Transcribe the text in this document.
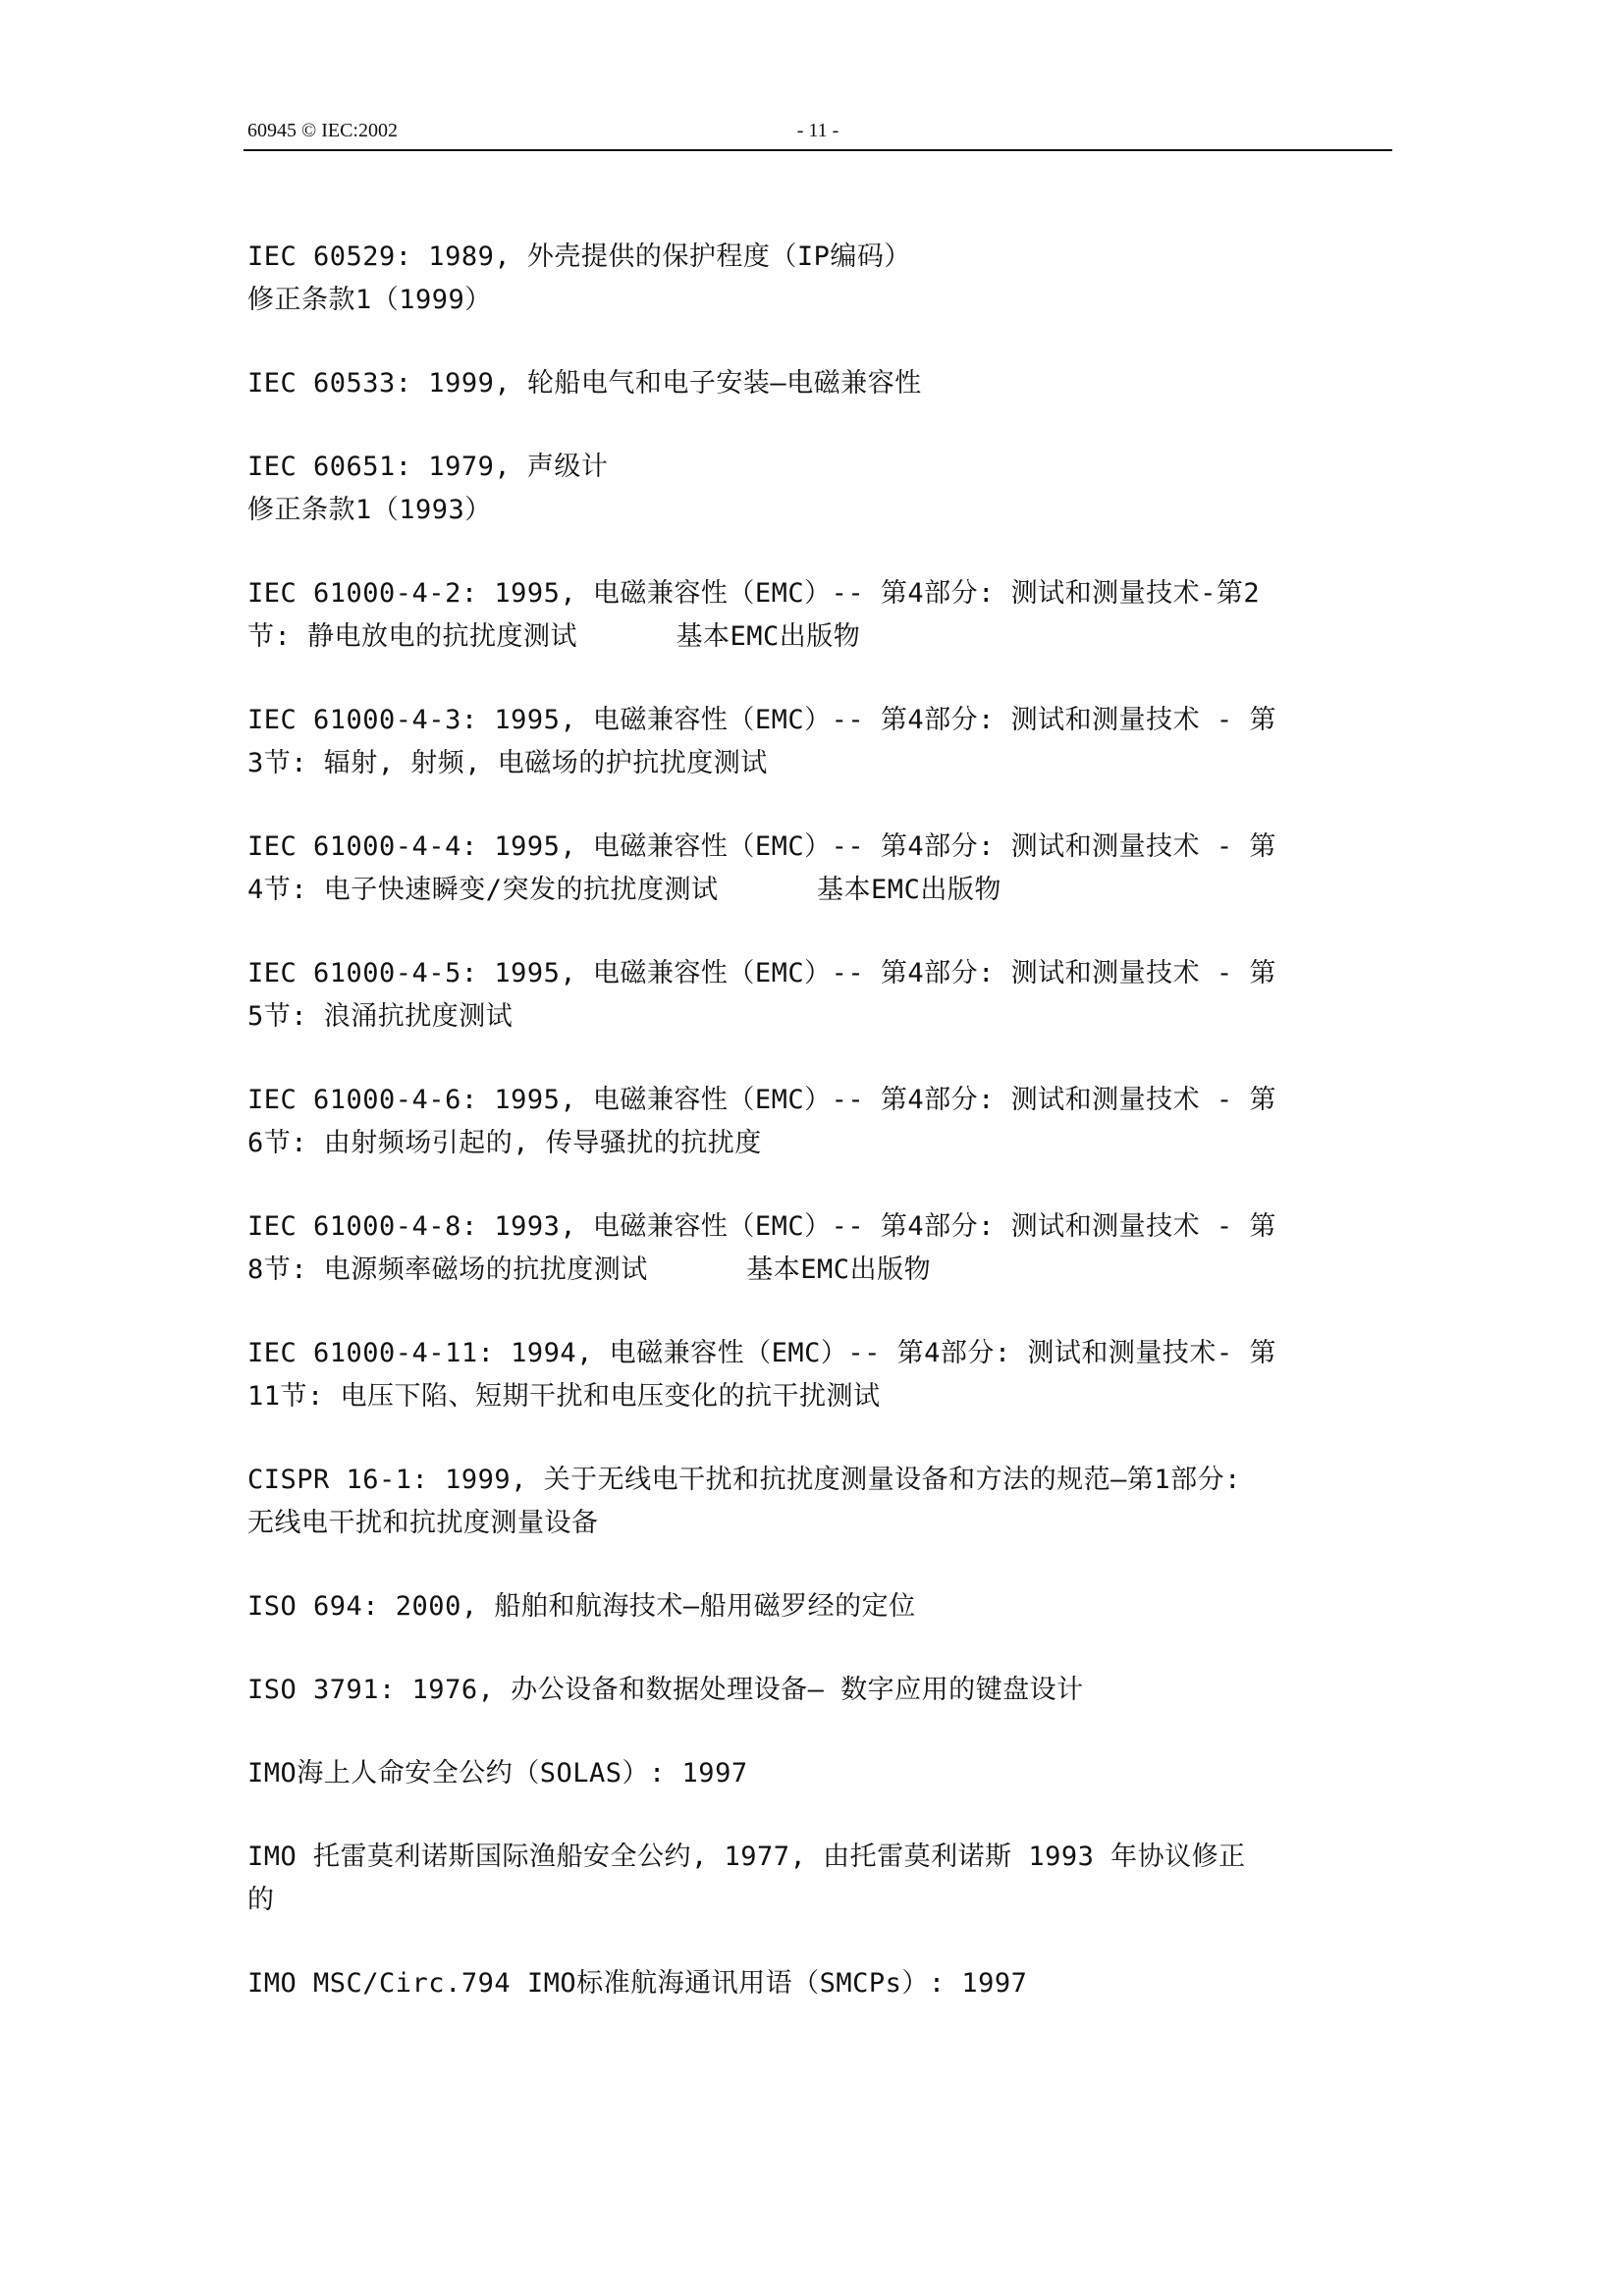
60945 © IEC:2002	- 11 -
IEC 60529: 1989, 外壳提供的保护程度（IP编码）
修正条款1（1999）
IEC 60533: 1999, 轮船电气和电子安装—电磁兼容性
IEC 60651: 1979, 声级计
修正条款1（1993）
IEC 61000-4-2: 1995, 电磁兼容性（EMC）-- 第4部分: 测试和测量技术-第2
节: 静电放电的抗扰度测试      基本EMC出版物
IEC 61000-4-3: 1995, 电磁兼容性（EMC）-- 第4部分: 测试和测量技术 - 第
3节: 辐射, 射频, 电磁场的护抗扰度测试
IEC 61000-4-4: 1995, 电磁兼容性（EMC）-- 第4部分: 测试和测量技术 - 第
4节: 电子快速瞬变/突发的抗扰度测试      基本EMC出版物
IEC 61000-4-5: 1995, 电磁兼容性（EMC）-- 第4部分: 测试和测量技术 - 第
5节: 浪涌抗扰度测试
IEC 61000-4-6: 1995, 电磁兼容性（EMC）-- 第4部分: 测试和测量技术 - 第
6节: 由射频场引起的, 传导骚扰的抗扰度
IEC 61000-4-8: 1993, 电磁兼容性（EMC）-- 第4部分: 测试和测量技术 - 第
8节: 电源频率磁场的抗扰度测试      基本EMC出版物
IEC 61000-4-11: 1994, 电磁兼容性（EMC）-- 第4部分: 测试和测量技术- 第
11节: 电压下陷、短期干扰和电压变化的抗干扰测试
CISPR 16-1: 1999, 关于无线电干扰和抗扰度测量设备和方法的规范—第1部分:
无线电干扰和抗扰度测量设备
ISO 694: 2000, 船舶和航海技术—船用磁罗经的定位
ISO 3791: 1976, 办公设备和数据处理设备— 数字应用的键盘设计
IMO海上人命安全公约（SOLAS）: 1997
IMO 托雷莫利诺斯国际渔船安全公约, 1977, 由托雷莫利诺斯 1993 年协议修正
的
IMO MSC/Circ.794 IMO标准航海通讯用语（SMCPs）: 1997
